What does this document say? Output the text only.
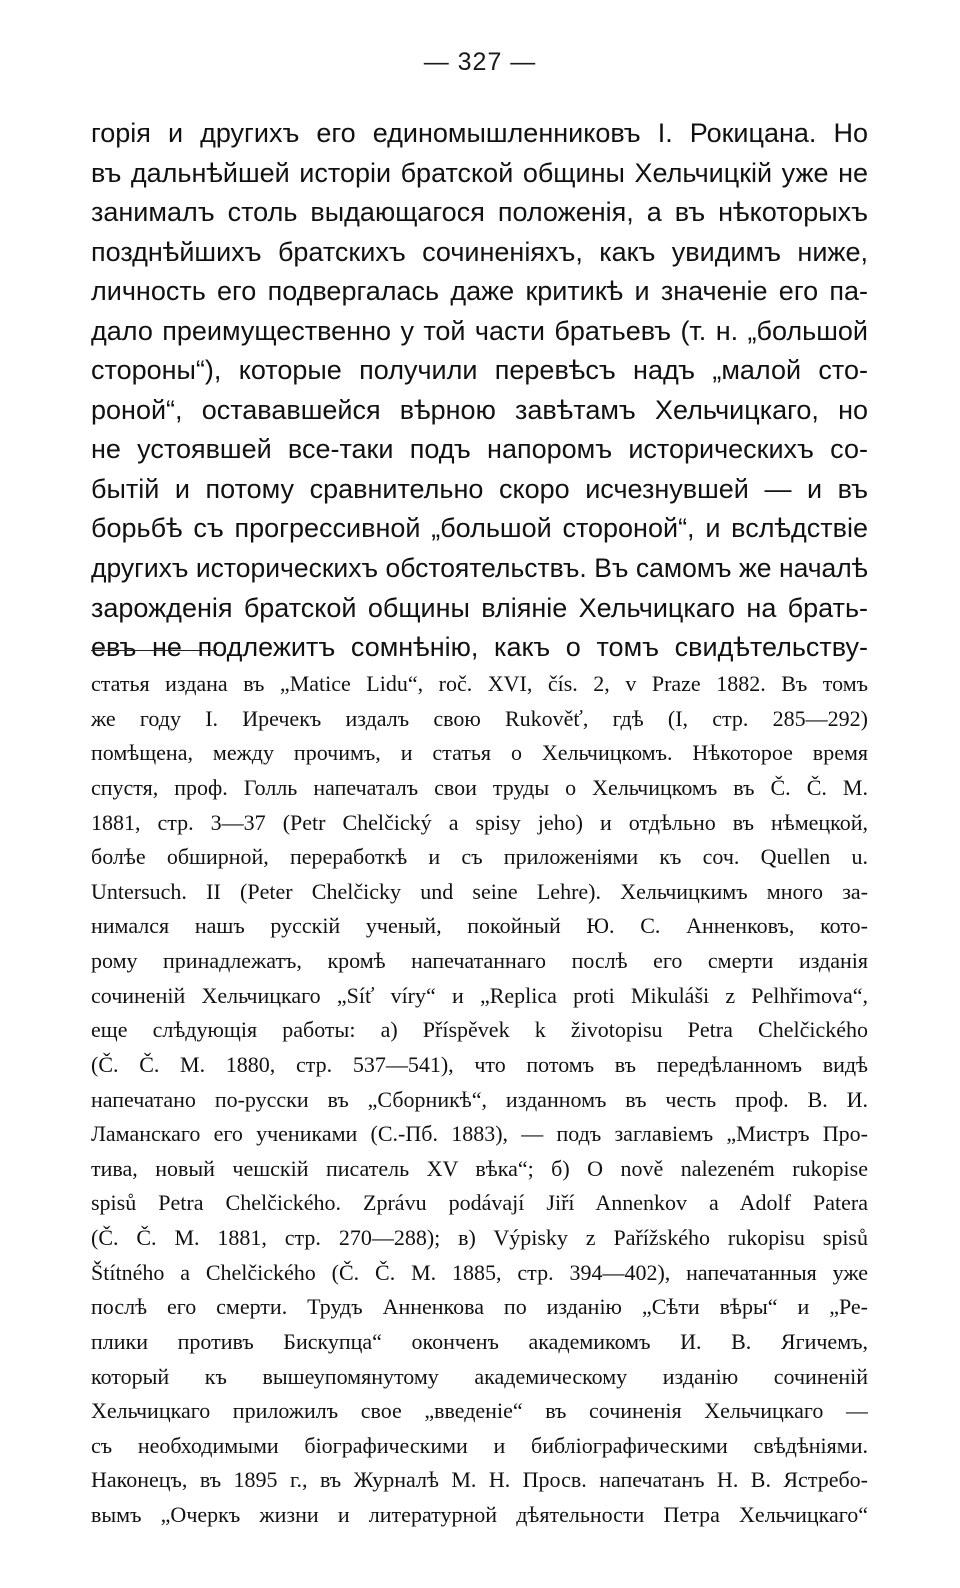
— 327 —
горія и другихъ его единомышленниковъ І. Рокицана. Но
въ дальнѣйшей исторіи братской общины Хельчицкій уже не
занималъ столь выдающагося положенія, а въ нѣкоторыхъ
позднѣйшихъ братскихъ сочиненіяхъ, какъ увидимъ ниже,
личность его подвергалась даже критикѣ и значеніе его па-
дало преимущественно у той части братьевъ (т. н. „большой
стороны“), которые получили перевѣсъ надъ „малой сто-
роной“, остававшейся вѣрною завѣтамъ Хельчицкаго, но
не устоявшей все-таки подъ напоромъ историческихъ со-
бытій и потому сравнительно скоро исчезнувшей — и въ
борьбѣ съ прогрессивной „большой стороной“, и вслѣдствіе
другихъ историческихъ обстоятельствъ. Въ самомъ же началѣ
зарожденія братской общины вліяніе Хельчицкаго на брать-
евъ не подлежитъ сомнѣнію, какъ о томъ свидѣтельству-
статья издана въ „Matice Lidu“, roč. XVI, čís. 2, v Praze 1882. Въ томъ
же году І. Иречекъ издалъ свою Rukověť, гдѣ (I, стр. 285—292)
помѣщена, между прочимъ, и статья о Хельчицкомъ. Нѣкоторое время
спустя, проф. Голль напечаталъ свои труды о Хельчицкомъ въ Č. Č. M.
1881, стр. 3—37 (Petr Chelčický a spisy jeho) и отдѣльно въ нѣмецкой,
болѣе обширной, переработкѣ и съ приложеніями къ соч. Quellen u.
Untersuch. II (Peter Chelčicky und seine Lehre). Хельчицкимъ много за-
нимался нашъ русскій ученый, покойный Ю. С. Анненковъ, кото-
рому принадлежатъ, кромѣ напечатаннаго послѣ его смерти изданія
сочиненій Хельчицкаго „Síť víry“ и „Replica proti Mikuláši z Pelhřimova“,
еще слѣдующія работы: а) Příspěvek k životopisu Petra Chelčického
(Č. Č. M. 1880, стр. 537—541), что потомъ въ передѣланномъ видѣ
напечатано по-русски въ „Сборникѣ“, изданномъ въ честь проф. В. И.
Ламанскаго его учениками (С.-Пб. 1883), — подъ заглавіемъ „Мистръ Про-
тива, новый чешскій писатель XV вѣка“; б) O nově nalezeném rukopise
spisů Petra Chelčického. Zprávu podávají Jiří Annenkov a Adolf Patera
(Č. Č. M. 1881, стр. 270—288); в) Výpisky z Pařížského rukopisu spisů
Štítného a Chelčického (Č. Č. M. 1885, стр. 394—402), напечатанныя уже
послѣ его смерти. Трудъ Анненкова по изданію „Сѣти вѣры“ и „Ре-
плики противъ Бискупца“ оконченъ академикомъ И. В. Ягичемъ,
который къ вышеупомянутому академическому изданію сочиненій
Хельчицкаго приложилъ свое „введеніе“ въ сочиненія Хельчицкаго —
съ необходимыми біографическими и библіографическими свѣдѣніями.
Наконецъ, въ 1895 г., въ Журналѣ М. Н. Просв. напечатанъ Н. В. Ястребо-
вымъ „Очеркъ жизни и литературной дѣятельности Петра Хельчицкаго“
